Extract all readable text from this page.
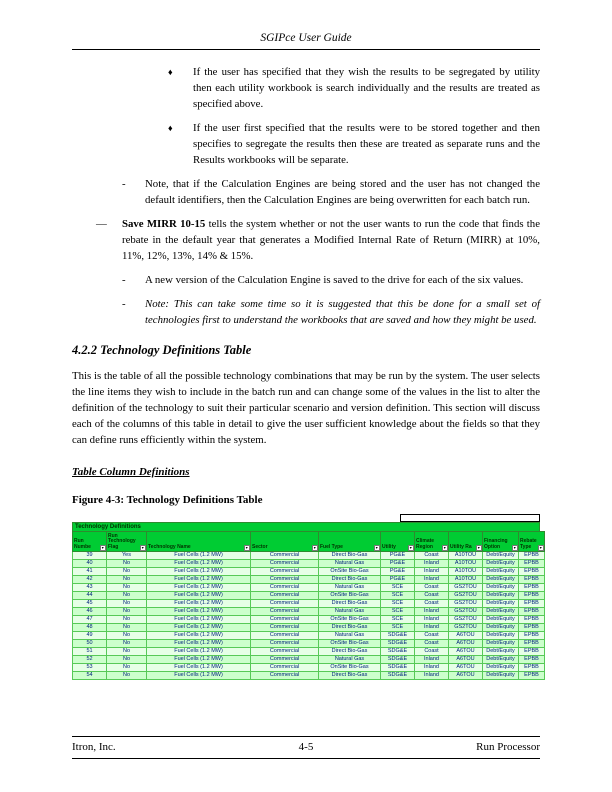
SGIPce User Guide
♦	If the user has specified that they wish the results to be segregated by utility then each utility workbook is search individually and the results are treated as specified above.
♦	If the user first specified that the results were to be stored together and then specifies to segregate the results then these are treated as separate runs and the Results workbooks will be separate.
-	Note, that if the Calculation Engines are being stored and the user has not changed the default identifiers, then the Calculation Engines are being overwritten for each batch run.
—	Save MIRR 10-15 tells the system whether or not the user wants to run the code that finds the rebate in the default year that generates a Modified Internal Rate of Return (MIRR) at 10%, 11%, 12%, 13%, 14% & 15%.
-	A new version of the Calculation Engine is saved to the drive for each of the six values.
-	Note: This can take some time so it is suggested that this be done for a small set of technologies first to understand the workbooks that are saved and how they might be used.
4.2.2 Technology Definitions Table
This is the table of all the possible technology combinations that may be run by the system. The user selects the line items they wish to include in the batch run and can change some of the values in the list to alter the definition of the technology to suit their particular scenario and version definition. This section will discuss each of the columns of this table in detail to give the user sufficient knowledge about the fields so that they can define runs efficiently within the system.
Table Column Definitions
Figure 4-3: Technology Definitions Table
Technology Definitions
Run Numbe ▼	Run Technology Flag ▼	Technology Name ▼	Sector ▼	Fuel Type ▼	Utility ▼	Climate Region ▼	Utility Ra ▼	Financing Option ▼	Rebate Type ▼

39	Yes	Fuel Cells (1.2 MW)	Commercial	Direct Bio-Gas	PG&E	Coast	A10TOU	Debt/Equity	EPBB
40	No	Fuel Cells (1.2 MW)	Commercial	Natural Gas	PG&E	Inland	A10TOU	Debt/Equity	EPBB
41	No	Fuel Cells (1.2 MW)	Commercial	OnSite Bio-Gas	PG&E	Inland	A10TOU	Debt/Equity	EPBB
42	No	Fuel Cells (1.2 MW)	Commercial	Direct Bio-Gas	PG&E	Inland	A10TOU	Debt/Equity	EPBB
43	No	Fuel Cells (1.2 MW)	Commercial	Natural Gas	SCE	Coast	GS2TOU	Debt/Equity	EPBB
44	No	Fuel Cells (1.2 MW)	Commercial	OnSite Bio-Gas	SCE	Coast	GS2TOU	Debt/Equity	EPBB
45	No	Fuel Cells (1.2 MW)	Commercial	Direct Bio-Gas	SCE	Coast	GS2TOU	Debt/Equity	EPBB
46	No	Fuel Cells (1.2 MW)	Commercial	Natural Gas	SCE	Inland	GS2TOU	Debt/Equity	EPBB
47	No	Fuel Cells (1.2 MW)	Commercial	OnSite Bio-Gas	SCE	Inland	GS2TOU	Debt/Equity	EPBB
48	No	Fuel Cells (1.2 MW)	Commercial	Direct Bio-Gas	SCE	Inland	GS2TOU	Debt/Equity	EPBB
49	No	Fuel Cells (1.2 MW)	Commercial	Natural Gas	SDG&E	Coast	A6TOU	Debt/Equity	EPBB
50	No	Fuel Cells (1.2 MW)	Commercial	OnSite Bio-Gas	SDG&E	Coast	A6TOU	Debt/Equity	EPBB
51	No	Fuel Cells (1.2 MW)	Commercial	Direct Bio-Gas	SDG&E	Coast	A6TOU	Debt/Equity	EPBB
52	No	Fuel Cells (1.2 MW)	Commercial	Natural Gas	SDG&E	Inland	A6TOU	Debt/Equity	EPBB
53	No	Fuel Cells (1.2 MW)	Commercial	OnSite Bio-Gas	SDG&E	Inland	A6TOU	Debt/Equity	EPBB
54	No	Fuel Cells (1.2 MW)	Commercial	Direct Bio-Gas	SDG&E	Inland	A6TOU	Debt/Equity	EPBB
Itron, Inc.	4-5	Run Processor
